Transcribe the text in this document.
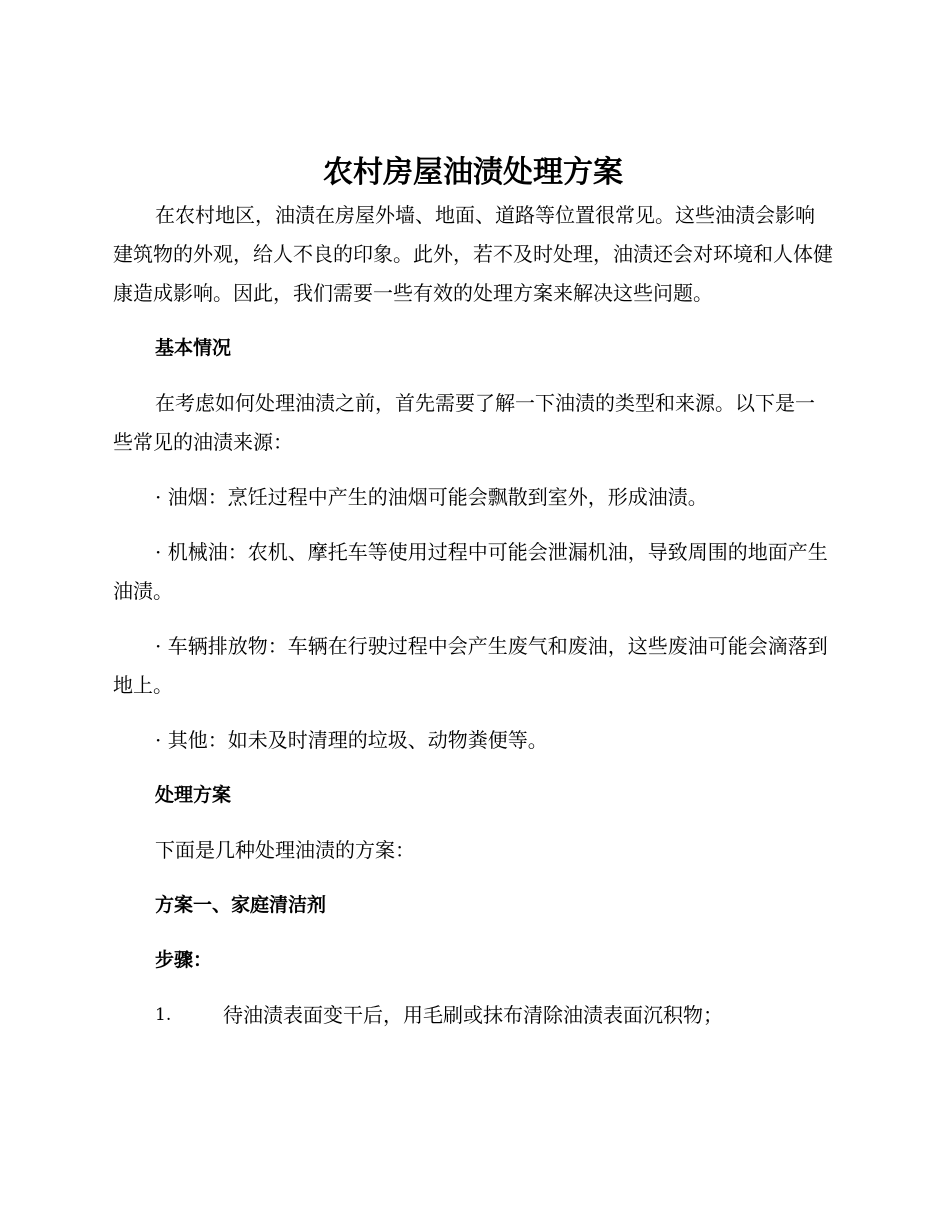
农村房屋油渍处理方案

在农村地区，油渍在房屋外墙、地面、道路等位置很常见。这些油渍会影响建筑物的外观，给人不良的印象。此外，若不及时处理，油渍还会对环境和人体健康造成影响。因此，我们需要一些有效的处理方案来解决这些问题。

基本情况

在考虑如何处理油渍之前，首先需要了解一下油渍的类型和来源。以下是一些常见的油渍来源：

· 油烟：烹饪过程中产生的油烟可能会飘散到室外，形成油渍。

· 机械油：农机、摩托车等使用过程中可能会泄漏机油，导致周围的地面产生油渍。

· 车辆排放物：车辆在行驶过程中会产生废气和废油，这些废油可能会滴落到地上。

· 其他：如未及时清理的垃圾、动物粪便等。

处理方案

下面是几种处理油渍的方案：

方案一、家庭清洁剂

步骤：

1.	待油渍表面变干后，用毛刷或抹布清除油渍表面沉积物；
